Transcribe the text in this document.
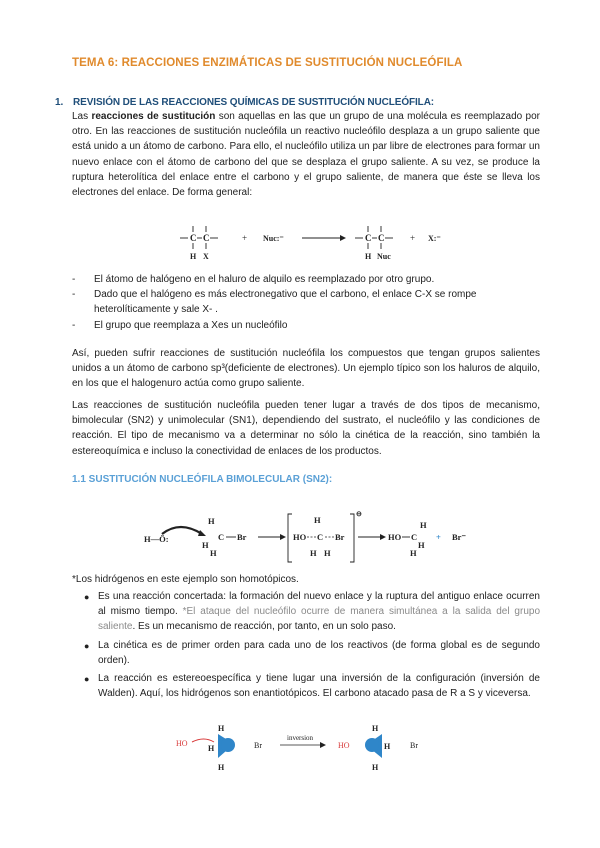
TEMA 6: REACCIONES ENZIMÁTICAS DE SUSTITUCIÓN NUCLEÓFILA
1. REVISIÓN DE LAS REACCIONES QUÍMICAS DE SUSTITUCIÓN NUCLEÓFILA:
Las reacciones de sustitución son aquellas en las que un grupo de una molécula es reemplazado por otro. En las reacciones de sustitución nucleófila un reactivo nucleófilo desplaza a un grupo saliente que está unido a un átomo de carbono. Para ello, el nucleófilo utiliza un par libre de electrones para formar un nuevo enlace con el átomo de carbono del que se desplaza el grupo saliente. A su vez, se produce la ruptura heterolítica del enlace entre el carbono y el grupo saliente, de manera que éste se lleva los electrones del enlace. De forma general:
C C
H X
+ Nuc:⁻	C C
H Nuc
+ X:⁻
-	El átomo de halógeno en el haluro de alquilo es reemplazado por otro grupo.
-	Dado que el halógeno es más electronegativo que el carbono, el enlace C-X se rompe heterolíticamente y sale X- .
-	El grupo que reemplaza a Xes un nucleófilo
Así, pueden sufrir reacciones de sustitución nucleófila los compuestos que tengan grupos salientes unidos a un átomo de carbono sp³(deficiente de electrones). Un ejemplo típico son los haluros de alquilo, en los que el halogenuro actúa como grupo saliente.
Las reacciones de sustitución nucleófila pueden tener lugar a través de dos tipos de mecanismo, bimolecular (SN2) y unimolecular (SN1), dependiendo del sustrato, el nucleófilo y las condiciones de reacción. El tipo de mecanismo va a determinar no sólo la cinética de la reacción, sino también la estereoquímica e incluso la conectividad de enlaces de los productos.
1.1 SUSTITUCIÓN NUCLEÓFILA BIMOLECULAR (SN2):
H—Ö:
H
C Br
H
H
⊖
HO C Br
H
H H
HO C
H
H
H
+ Br⁻
*Los hidrógenos en este ejemplo son homotópicos.
● Es una reacción concertada: la formación del nuevo enlace y la ruptura del antiguo enlace ocurren al mismo tiempo. *El ataque del nucleófilo ocurre de manera simultánea a la salida del grupo saliente. Es un mecanismo de reacción, por tanto, en un solo paso.
● La cinética es de primer orden para cada uno de los reactivos (de forma global es de segundo orden).
● La reacción es estereoespecífica y tiene lugar una inversión de la configuración (inversión de Walden). Aquí, los hidrógenos son enantiotópicos. El carbono atacado pasa de R a S y viceversa.
HO
H
H
H
Br
inversion
HO
H
H
H
Br
